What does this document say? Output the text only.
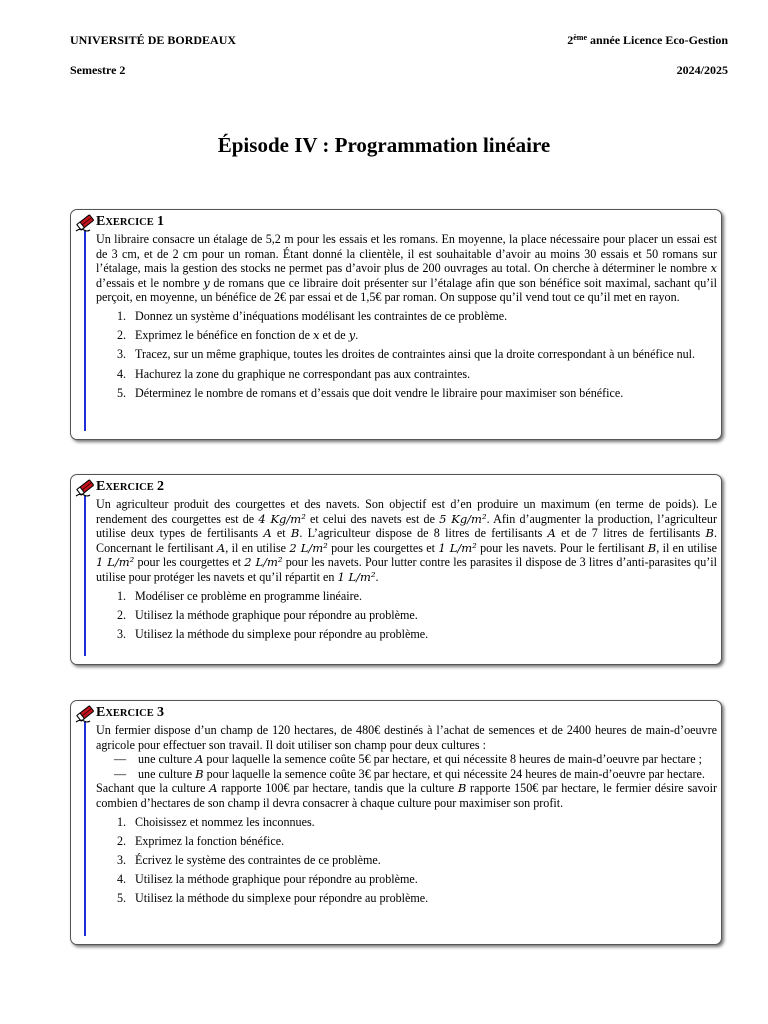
UNIVERSITÉ DE BORDEAUX	2ème année Licence Eco-Gestion
Semestre 2	2024/2025
Épisode IV : Programmation linéaire
EXERCICE 1

Un libraire consacre un étalage de 5,2 m pour les essais et les romans. En moyenne, la place nécessaire pour placer un essai est de 3 cm, et de 2 cm pour un roman. Étant donné la clientèle, il est souhaitable d’avoir au moins 30 essais et 50 romans sur l’étalage, mais la gestion des stocks ne permet pas d’avoir plus de 200 ouvrages au total. On cherche à déterminer le nombre x d’essais et le nombre y de romans que ce libraire doit présenter sur l’étalage afin que son bénéfice soit maximal, sachant qu’il perçoit, en moyenne, un bénéfice de 2€ par essai et de 1,5€ par roman. On suppose qu’il vend tout ce qu’il met en rayon.

1. Donnez un système d’inéquations modélisant les contraintes de ce problème.
2. Exprimez le bénéfice en fonction de x et de y.
3. Tracez, sur un même graphique, toutes les droites de contraintes ainsi que la droite correspondant à un bénéfice nul.
4. Hachurez la zone du graphique ne correspondant pas aux contraintes.
5. Déterminez le nombre de romans et d’essais que doit vendre le libraire pour maximiser son bénéfice.
EXERCICE 2

Un agriculteur produit des courgettes et des navets. Son objectif est d’en produire un maximum (en terme de poids). Le rendement des courgettes est de 4 Kg/m² et celui des navets est de 5 Kg/m². Afin d’augmenter la production, l’agriculteur utilise deux types de fertilisants A et B. L’agriculteur dispose de 8 litres de fertilisants A et de 7 litres de fertilisants B. Concernant le fertilisant A, il en utilise 2 L/m² pour les courgettes et 1 L/m² pour les navets. Pour le fertilisant B, il en utilise 1 L/m² pour les courgettes et 2 L/m² pour les navets. Pour lutter contre les parasites il dispose de 3 litres d’anti-parasites qu’il utilise pour protéger les navets et qu’il répartit en 1 L/m².

1. Modéliser ce problème en programme linéaire.
2. Utilisez la méthode graphique pour répondre au problème.
3. Utilisez la méthode du simplexe pour répondre au problème.
EXERCICE 3

Un fermier dispose d’un champ de 120 hectares, de 480€ destinés à l’achat de semences et de 2400 heures de main-d’oeuvre agricole pour effectuer son travail. Il doit utiliser son champ pour deux cultures :

— une culture A pour laquelle la semence coûte 5€ par hectare, et qui nécessite 8 heures de main-d’oeuvre par hectare ;
— une culture B pour laquelle la semence coûte 3€ par hectare, et qui nécessite 24 heures de main-d’oeuvre par hectare.

Sachant que la culture A rapporte 100€ par hectare, tandis que la culture B rapporte 150€ par hectare, le fermier désire savoir combien d’hectares de son champ il devra consacrer à chaque culture pour maximiser son profit.

1. Choisissez et nommez les inconnues.
2. Exprimez la fonction bénéfice.
3. Écrivez le système des contraintes de ce problème.
4. Utilisez la méthode graphique pour répondre au problème.
5. Utilisez la méthode du simplexe pour répondre au problème.
